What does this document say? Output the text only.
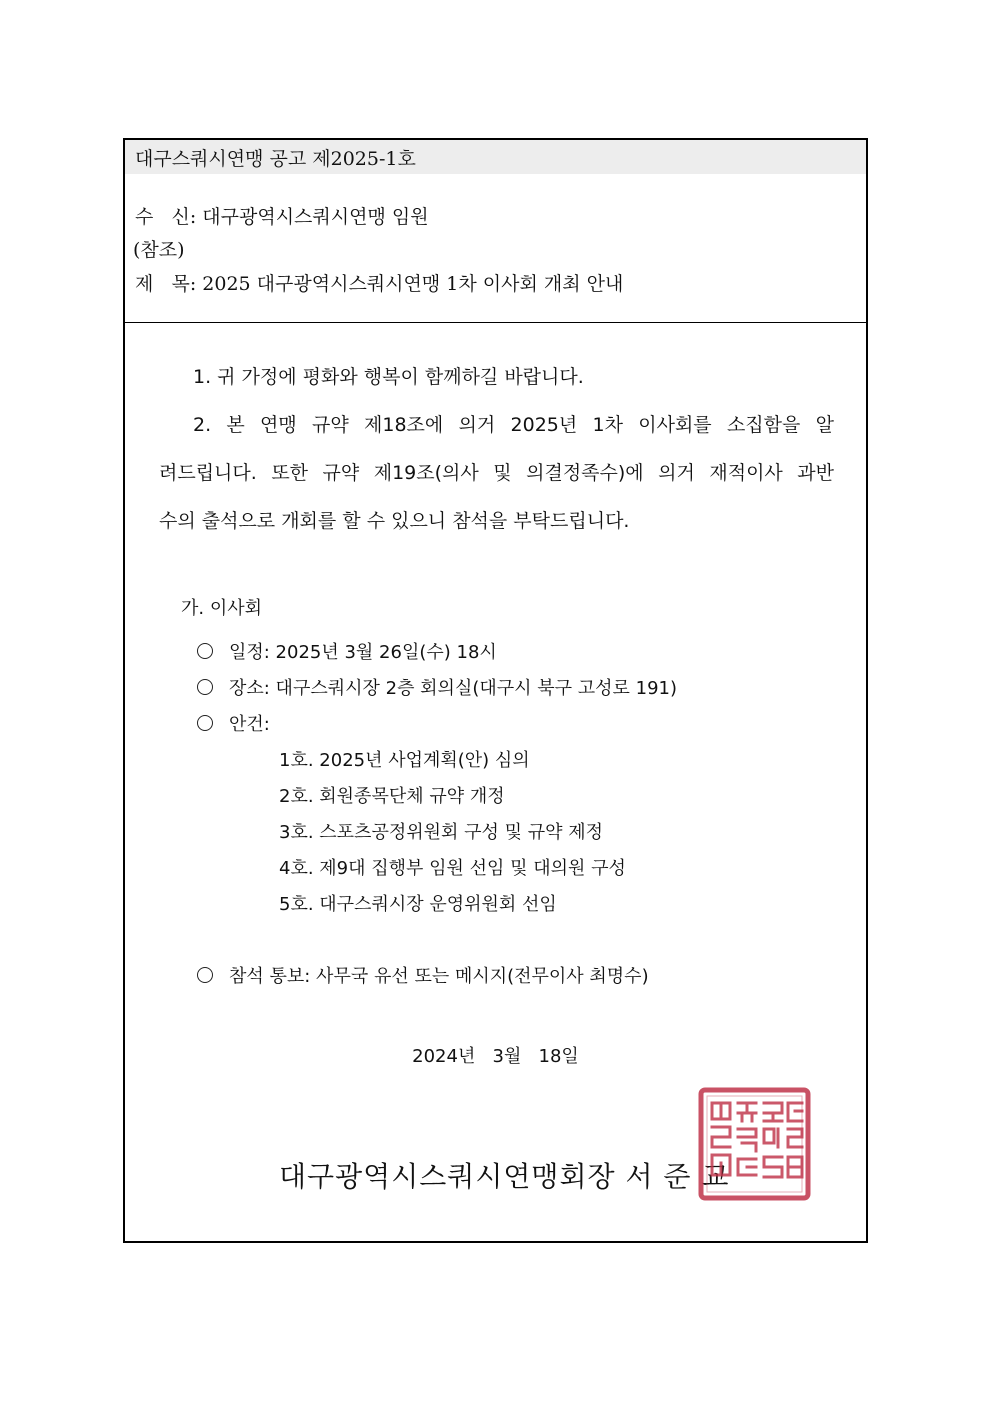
대구스쿼시연맹 공고 제2025-1호
수   신: 대구광역시스쿼시연맹 임원
(참조)
제   목: 2025 대구광역시스쿼시연맹 1차 이사회 개최 안내
1. 귀 가정에 평화와 행복이 함께하길 바랍니다.
2. 본 연맹 규약 제18조에 의거 2025년 1차 이사회를 소집함을 알
려드립니다. 또한 규약 제19조(의사 및 의결정족수)에 의거 재적이사 과반
수의 출석으로 개회를 할 수 있으니 참석을 부탁드립니다.
가. 이사회
일정: 2025년 3월 26일(수) 18시
장소: 대구스쿼시장 2층 회의실(대구시 북구 고성로 191)
안건:
1호. 2025년 사업계획(안) 심의
2호. 회원종목단체 규약 개정
3호. 스포츠공정위원회 구성 및 규약 제정
4호. 제9대 집행부 임원 선임 및 대의원 구성
5호. 대구스쿼시장 운영위원회 선임
참석 통보: 사무국 유선 또는 메시지(전무이사 최명수)
2024년   3월   18일
대구광역시스쿼시연맹회장 서 준 교
